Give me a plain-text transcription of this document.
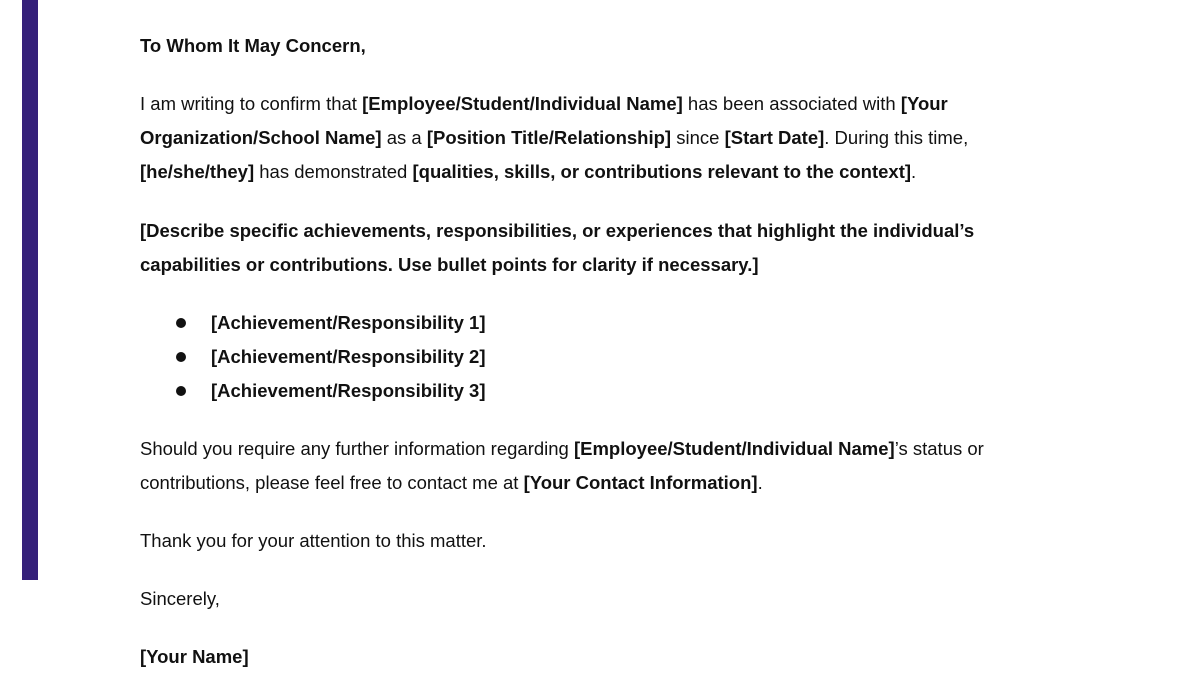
To Whom It May Concern,

I am writing to confirm that [Employee/Student/Individual Name] has been associated with [Your
Organization/School Name] as a [Position Title/Relationship] since [Start Date]. During this time,
[he/she/they] has demonstrated [qualities, skills, or contributions relevant to the context].

[Describe specific achievements, responsibilities, or experiences that highlight the individual’s
capabilities or contributions. Use bullet points for clarity if necessary.]

[Achievement/Responsibility 1]
[Achievement/Responsibility 2]
[Achievement/Responsibility 3]

Should you require any further information regarding [Employee/Student/Individual Name]’s status or
contributions, please feel free to contact me at [Your Contact Information].

Thank you for your attention to this matter.

Sincerely,

[Your Name]
